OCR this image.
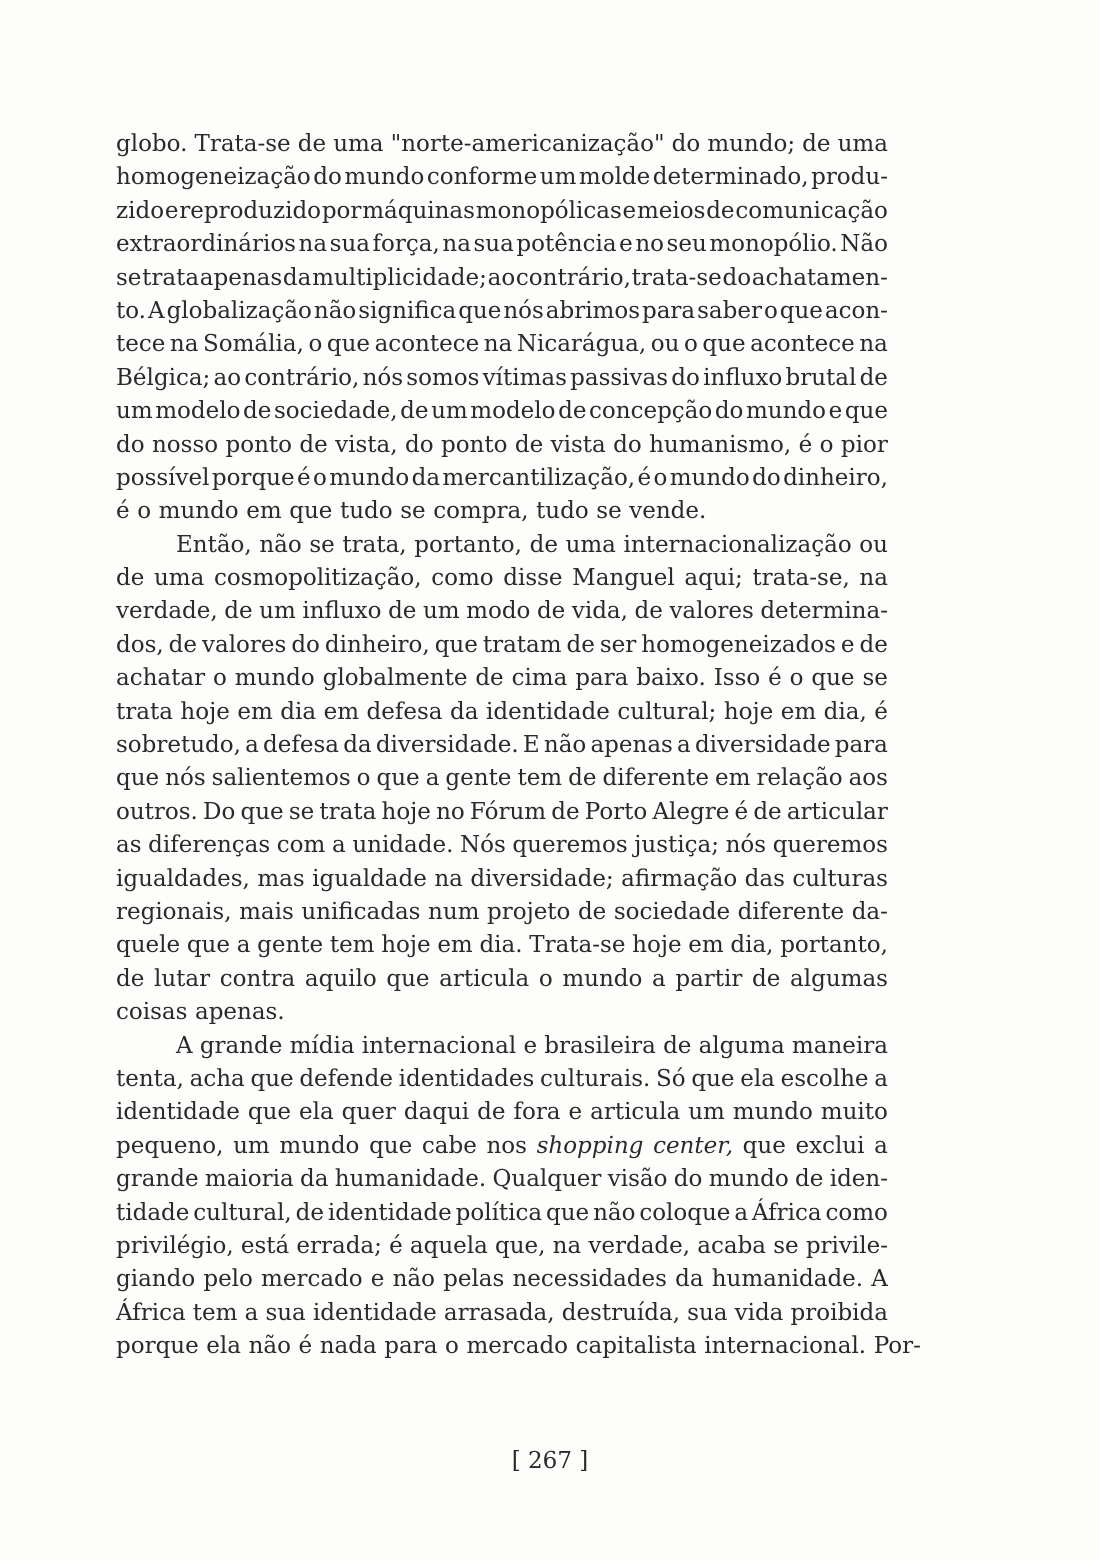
globo. Trata-se de uma "norte-americanização" do mundo; de uma
homogeneização do mundo conforme um molde determinado, produ-
zido e reproduzido por máquinas monopólicas e meios de comunicação
extraordinários na sua força, na sua potência e no seu monopólio. Não
se trata apenas da multiplicidade; ao contrário, trata-se do achatamen-
to. A globalização não significa que nós abrimos para saber o que acon-
tece na Somália, o que acontece na Nicarágua, ou o que acontece na
Bélgica; ao contrário, nós somos vítimas passivas do influxo brutal de
um modelo de sociedade, de um modelo de concepção do mundo e que
do nosso ponto de vista, do ponto de vista do humanismo, é o pior
possível porque é o mundo da mercantilização, é o mundo do dinheiro,
é o mundo em que tudo se compra, tudo se vende.
Então, não se trata, portanto, de uma internacionalização ou
de uma cosmopolitização, como disse Manguel aqui; trata-se, na
verdade, de um influxo de um modo de vida, de valores determina-
dos, de valores do dinheiro, que tratam de ser homogeneizados e de
achatar o mundo globalmente de cima para baixo. Isso é o que se
trata hoje em dia em defesa da identidade cultural; hoje em dia, é
sobretudo, a defesa da diversidade. E não apenas a diversidade para
que nós salientemos o que a gente tem de diferente em relação aos
outros. Do que se trata hoje no Fórum de Porto Alegre é de articular
as diferenças com a unidade. Nós queremos justiça; nós queremos
igualdades, mas igualdade na diversidade; afirmação das culturas
regionais, mais unificadas num projeto de sociedade diferente da-
quele que a gente tem hoje em dia. Trata-se hoje em dia, portanto,
de lutar contra aquilo que articula o mundo a partir de algumas
coisas apenas.
A grande mídia internacional e brasileira de alguma maneira
tenta, acha que defende identidades culturais. Só que ela escolhe a
identidade que ela quer daqui de fora e articula um mundo muito
pequeno, um mundo que cabe nos shopping center, que exclui a
grande maioria da humanidade. Qualquer visão do mundo de iden-
tidade cultural, de identidade política que não coloque a África como
privilégio, está errada; é aquela que, na verdade, acaba se privile-
giando pelo mercado e não pelas necessidades da humanidade. A
África tem a sua identidade arrasada, destruída, sua vida proibida
porque ela não é nada para o mercado capitalista internacional. Por-
[ 267 ]
